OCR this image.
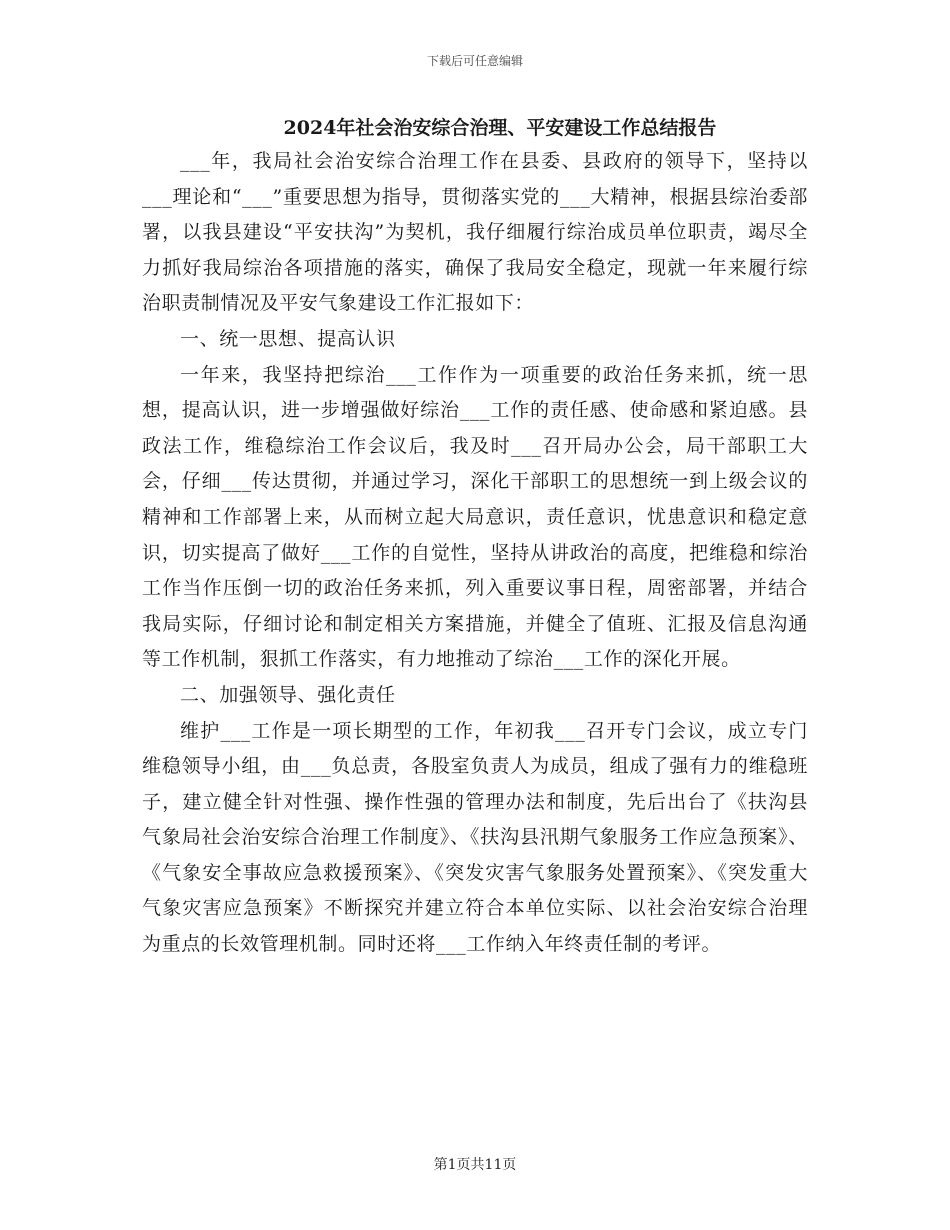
下载后可任意编辑
2024年社会治安综合治理、平安建设工作总结报告

___年，我局社会治安综合治理工作在县委、县政府的领导下，坚持以___理论和“___”重要思想为指导，贯彻落实党的___大精神，根据县综治委部署，以我县建设“平安扶沟”为契机，我仔细履行综治成员单位职责，竭尽全力抓好我局综治各项措施的落实，确保了我局安全稳定，现就一年来履行综治职责制情况及平安气象建设工作汇报如下：

一、统一思想、提高认识

一年来，我坚持把综治___工作作为一项重要的政治任务来抓，统一思想，提高认识，进一步增强做好综治___工作的责任感、使命感和紧迫感。县政法工作，维稳综治工作会议后，我及时___召开局办公会，局干部职工大会，仔细___传达贯彻，并通过学习，深化干部职工的思想统一到上级会议的精神和工作部署上来，从而树立起大局意识，责任意识，忧患意识和稳定意识，切实提高了做好___工作的自觉性，坚持从讲政治的高度，把维稳和综治工作当作压倒一切的政治任务来抓，列入重要议事日程，周密部署，并结合我局实际，仔细讨论和制定相关方案措施，并健全了值班、汇报及信息沟通等工作机制，狠抓工作落实，有力地推动了综治___工作的深化开展。

二、加强领导、强化责任

维护___工作是一项长期型的工作，年初我___召开专门会议，成立专门维稳领导小组，由___负总责，各股室负责人为成员，组成了强有力的维稳班子，建立健全针对性强、操作性强的管理办法和制度，先后出台了《扶沟县气象局社会治安综合治理工作制度》、《扶沟县汛期气象服务工作应急预案》、《气象安全事故应急救援预案》、《突发灾害气象服务处置预案》、《突发重大气象灾害应急预案》不断探究并建立符合本单位实际、以社会治安综合治理为重点的长效管理机制。同时还将___工作纳入年终责任制的考评。

第1页共11页
